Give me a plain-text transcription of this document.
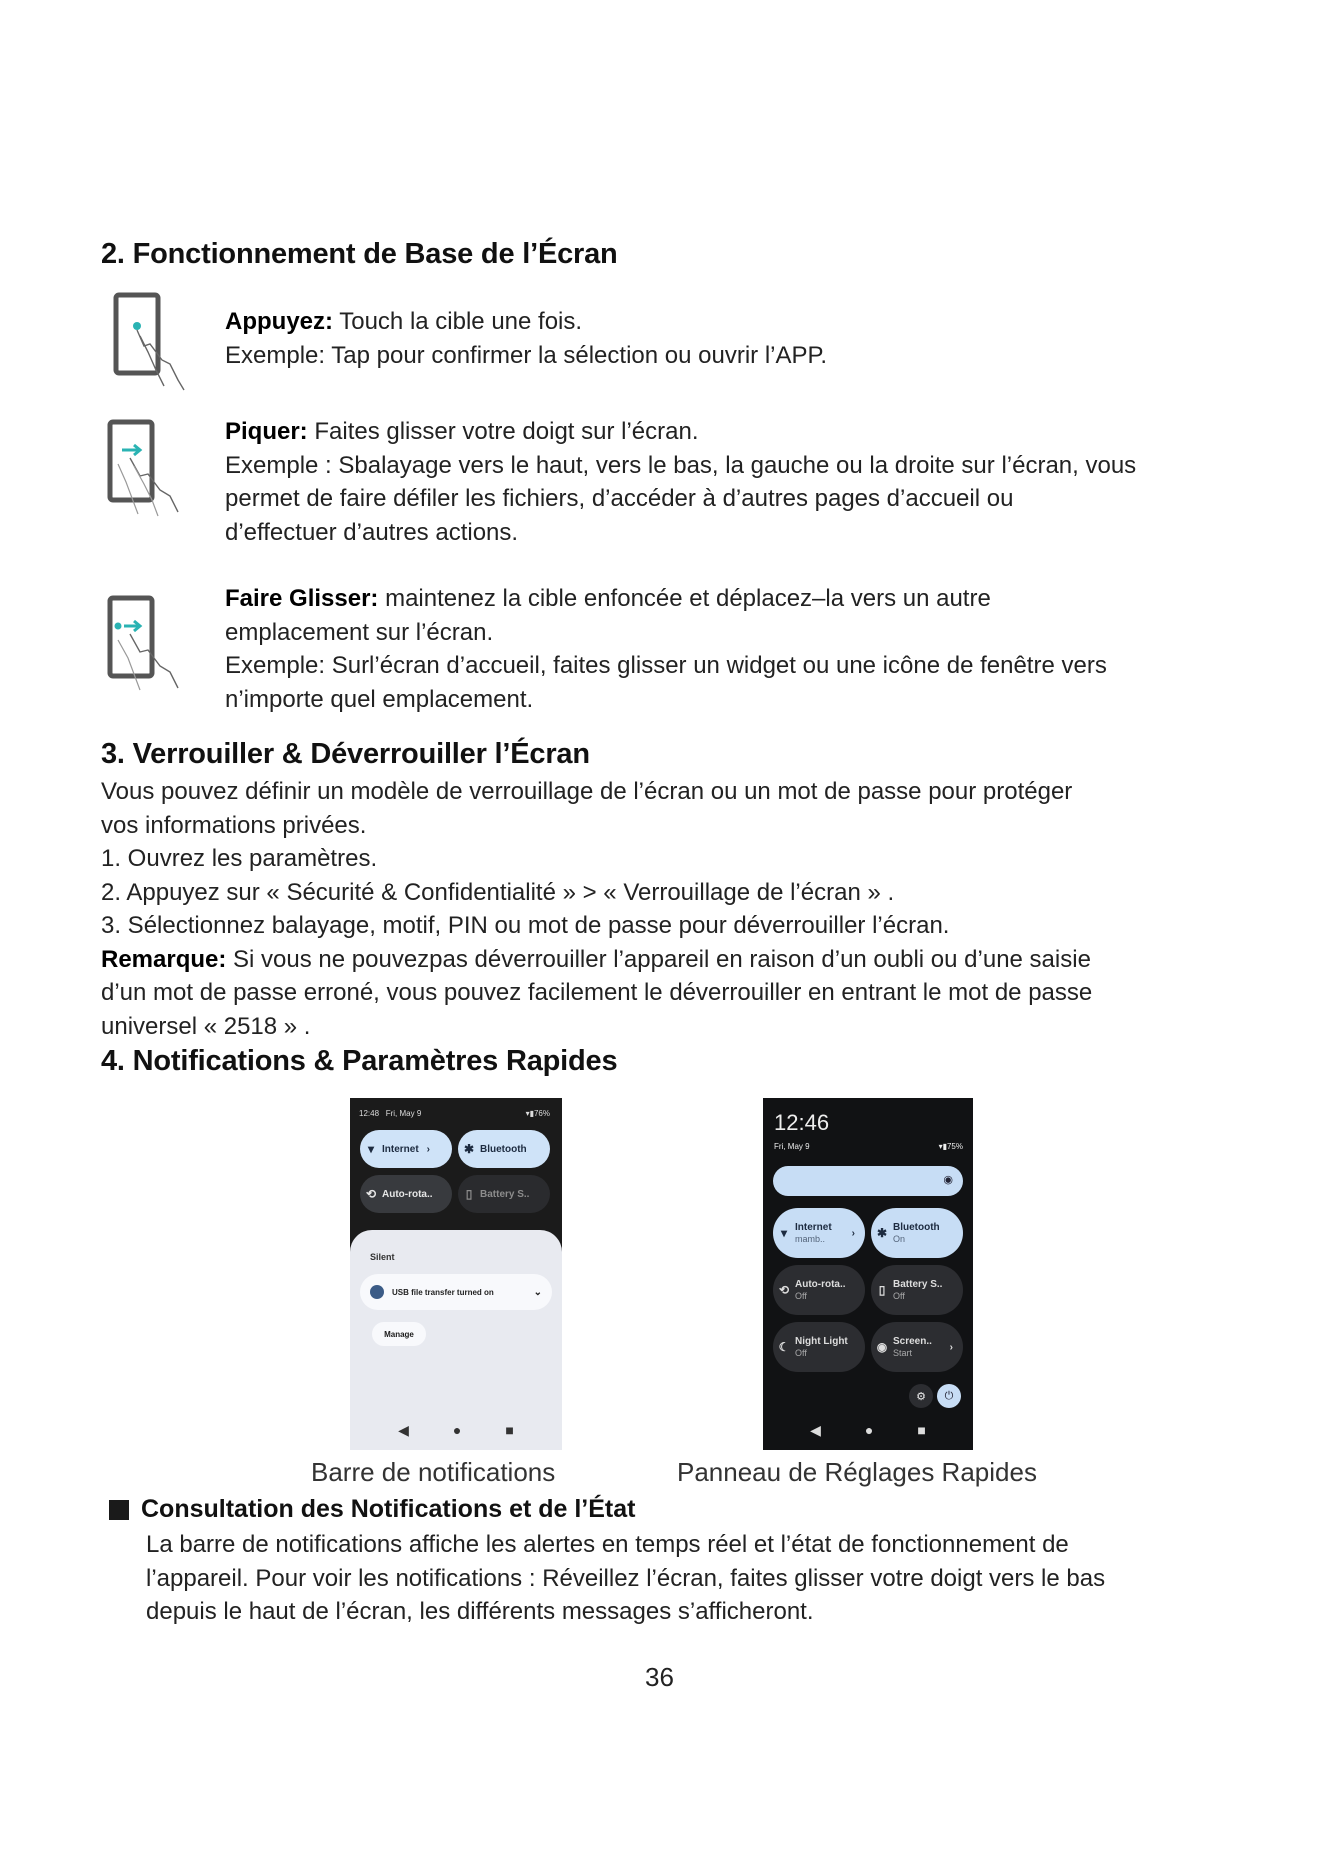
2. Fonctionnement de Base de l’Écran
Appuyez: Touch la cible une fois.
Exemple: Tap pour confirmer la sélection ou ouvrir l’APP.
Piquer: Faites glisser votre doigt sur l’écran.
Exemple : Sbalayage vers le haut, vers le bas, la gauche ou la droite sur l’écran, vous
permet de faire défiler les fichiers, d’accéder à d’autres pages d’accueil ou
d’effectuer d’autres actions.
Faire Glisser: maintenez la cible enfoncée et déplacez–la vers un autre
emplacement sur l’écran.
Exemple: Surl’écran d’accueil, faites glisser un widget ou une icône de fenêtre vers
n’importe quel emplacement.
3. Verrouiller & Déverrouiller l’Écran
Vous pouvez définir un modèle de verrouillage de l’écran ou un mot de passe pour protéger
vos informations privées.
1. Ouvrez les paramètres.
2. Appuyez sur « Sécurité & Confidentialité » > « Verrouillage de l’écran » .
3. Sélectionnez balayage, motif, PIN ou mot de passe pour déverrouiller l’écran.
Remarque: Si vous ne pouvezpas déverrouiller l’appareil en raison d’un oubli ou d’une saisie
d’un mot de passe erroné, vous pouvez facilement le déverrouiller en entrant le mot de passe
universel « 2518 » .
4. Notifications & Paramètres Rapides
12:48 Fri, May 9	▾▮76%
▾ Internet ›	✱ Bluetooth
⟲ Auto-rota..	▯ Battery S..
Silent
USB file transfer turned on	⌄
Manage
◀	●	■
12:46
Fri, May 9	▾▮75%
◉
▾ Internet
mamb..
›	✱ Bluetooth
On
⟲ Auto-rota..
Off	▯ Battery S..
Off
☾ Night Light
Off	◉ Screen..
Start
›
⚙	⏻
◀	●	■
Barre de notifications	Panneau de Réglages Rapides
Consultation des Notifications et de l’État
La barre de notifications affiche les alertes en temps réel et l’état de fonctionnement de
l’appareil. Pour voir les notifications : Réveillez l’écran, faites glisser votre doigt vers le bas
depuis le haut de l’écran, les différents messages s’afficheront.
36
